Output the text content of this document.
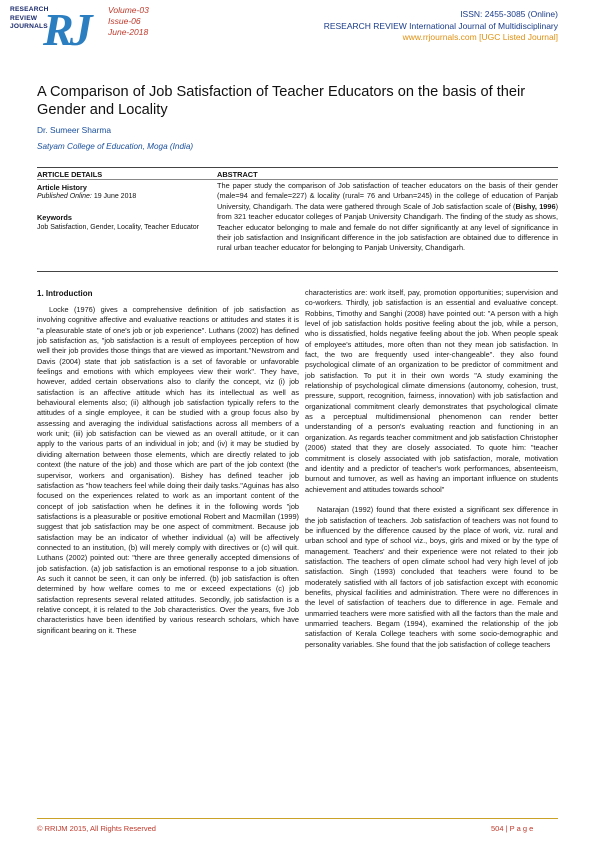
RESEARCH
REVIEW
JOURNALS
RJ Volume-03
Issue-06
June-2018
ISSN: 2455-3085 (Online)
RESEARCH REVIEW International Journal of Multidisciplinary
www.rrjournals.com [UGC Listed Journal]
A Comparison of Job Satisfaction of Teacher Educators on the basis of their Gender and Locality
Dr. Sumeer Sharma
Satyam College of Education, Moga (India)
ARTICLE DETAILS	ABSTRACT
Article History
Published Online: 19 June 2018
Keywords
Job Satisfaction, Gender, Locality, Teacher Educator
The paper study the comparison of Job satisfaction of teacher educators on the basis of their gender (male=94 and female=227) & locality (rural= 76 and Urban=245) in the college of education of Panjab University, Chandigarh. The data were gathered through Scale of Job satisfaction scale of (Bishy, 1996) from 321 teacher educator colleges of Panjab University Chandigarh. The finding of the study as shows, Teacher educator belonging to male and female do not differ significantly at any level of significance in their job satisfaction and Insignificant difference in the job satisfaction are obtained due to difference in rural urban teacher educator for belonging to Panjab University, Chandigarh.
1. Introduction

Locke (1976) gives a comprehensive definition of job satisfaction as involving cognitive affective and evaluative reactions or attitudes and states it is "a pleasurable state of one's job or job experience". Luthans (2002) has defined job satisfaction as, "job satisfaction is a result of employees perception of how well their job provides those things that are viewed as important."Newstrom and Davis (2004) state that job satisfaction is a set of favorable or unfavorable feelings and emotions with which employees view their work". They have, however, added certain observations also to clarify the concept, viz (i) job satisfaction is an affective attitude which has its intellectual as well as behavioural elements also; (ii) although job satisfaction typically refers to the attitudes of a single employee, it can be studied with a group focus also by assessing and averaging the individual satisfactions across all members of a work unit; (iii) job satisfaction can be viewed as an overall attitude, or it can apply to the various parts of an individual in job; and (iv) it may be studied by dividing alternation between those elements, which are directly related to job context (the nature of the job) and those which are part of the job context (the supervisor, workers and organisation). Bishey has defined teacher job satisfaction as "how teachers feel while doing their daily tasks."Aguinas has also focused on the experiences related to work as an important content of the concept of job satisfaction when he defines it in the following words "job satisfactions is a pleasurable or positive emotional Robert and Macmillan (1999) suggest that job satisfaction may be one aspect of commitment. Because job satisfaction may be an indicator of whether individual (a) will be affectively connected to an institution, (b) will merely comply with directives or (c) will quit. Luthans (2002) pointed out: "there are three generally accepted dimensions of job satisfaction. (a) job satisfaction is an emotional response to a job situation. As such it cannot be seen, it can only be inferred. (b) job satisfaction is often determined by how welfare comes to me or exceed expectations (c) job satisfaction represents several related attitudes. Secondly, job satisfaction is a relative concept, it is related to the Job characteristics. Over the years, five Job characteristics have been identified by various research scholars, which have significant bearing on it. These

characteristics are: work itself, pay, promotion opportunities; supervision and co-workers. Thirdly, job satisfaction is an essential and evaluative concept. Robbins, Timothy and Sanghi (2008) have pointed out: "A person with a high level of job satisfaction holds positive feeling about the job, while a person, who is dissatisfied, holds negative feeling about the job. When people speak of employee's attitudes, more often than not they mean job satisfaction. In fact, the two are frequently used inter-changeable". they also found psychological climate of an organization to be predictor of commitment and job satisfaction. To put it in their own words "A study examining the relationship of psychological climate dimensions (autonomy, cohesion, trust, pressure, support, recognition, fairness, innovation) with job satisfaction and organizational commitment clearly demonstrates that psychological climate as a perceptual multidimensional phenomenon can render better understanding of a person's evaluating reaction and functioning in an organization. As regards teacher commitment and job satisfaction Christopher (2006) stated that they are closely associated. To quote him: "teacher commitment is closely associated with job satisfaction, morale, motivation and identity and a predictor of teacher's work performances, absenteeism, burnout and turnover, as well as having an important influence on students achievement and attitudes towards school"

Natarajan (1992) found that there existed a significant sex difference in the job satisfaction of teachers. Job satisfaction of teachers was not found to be influenced by the difference caused by the place of work, viz. rural and urban school and type of school viz., boys, girls and mixed or by the type of management. Teachers' and their experience were not related to their job satisfaction. The teachers of open climate school had very high level of job satisfaction. Singh (1993) concluded that teachers were found to be moderately satisfied with all factors of job satisfaction except with economic benefits, physical facilities and administration. There were no differences in the level of satisfaction of teachers due to difference in age. Female and unmarried teachers were more satisfied with all the factors than the male and unmarried teachers. Begam (1994), examined the relationship of the job satisfaction of Kerala College teachers with some socio-demographic and personality variables. She found that the job satisfaction of college teachers

© RRIJM 2015, All Rights Reserved	504 | P a g e
